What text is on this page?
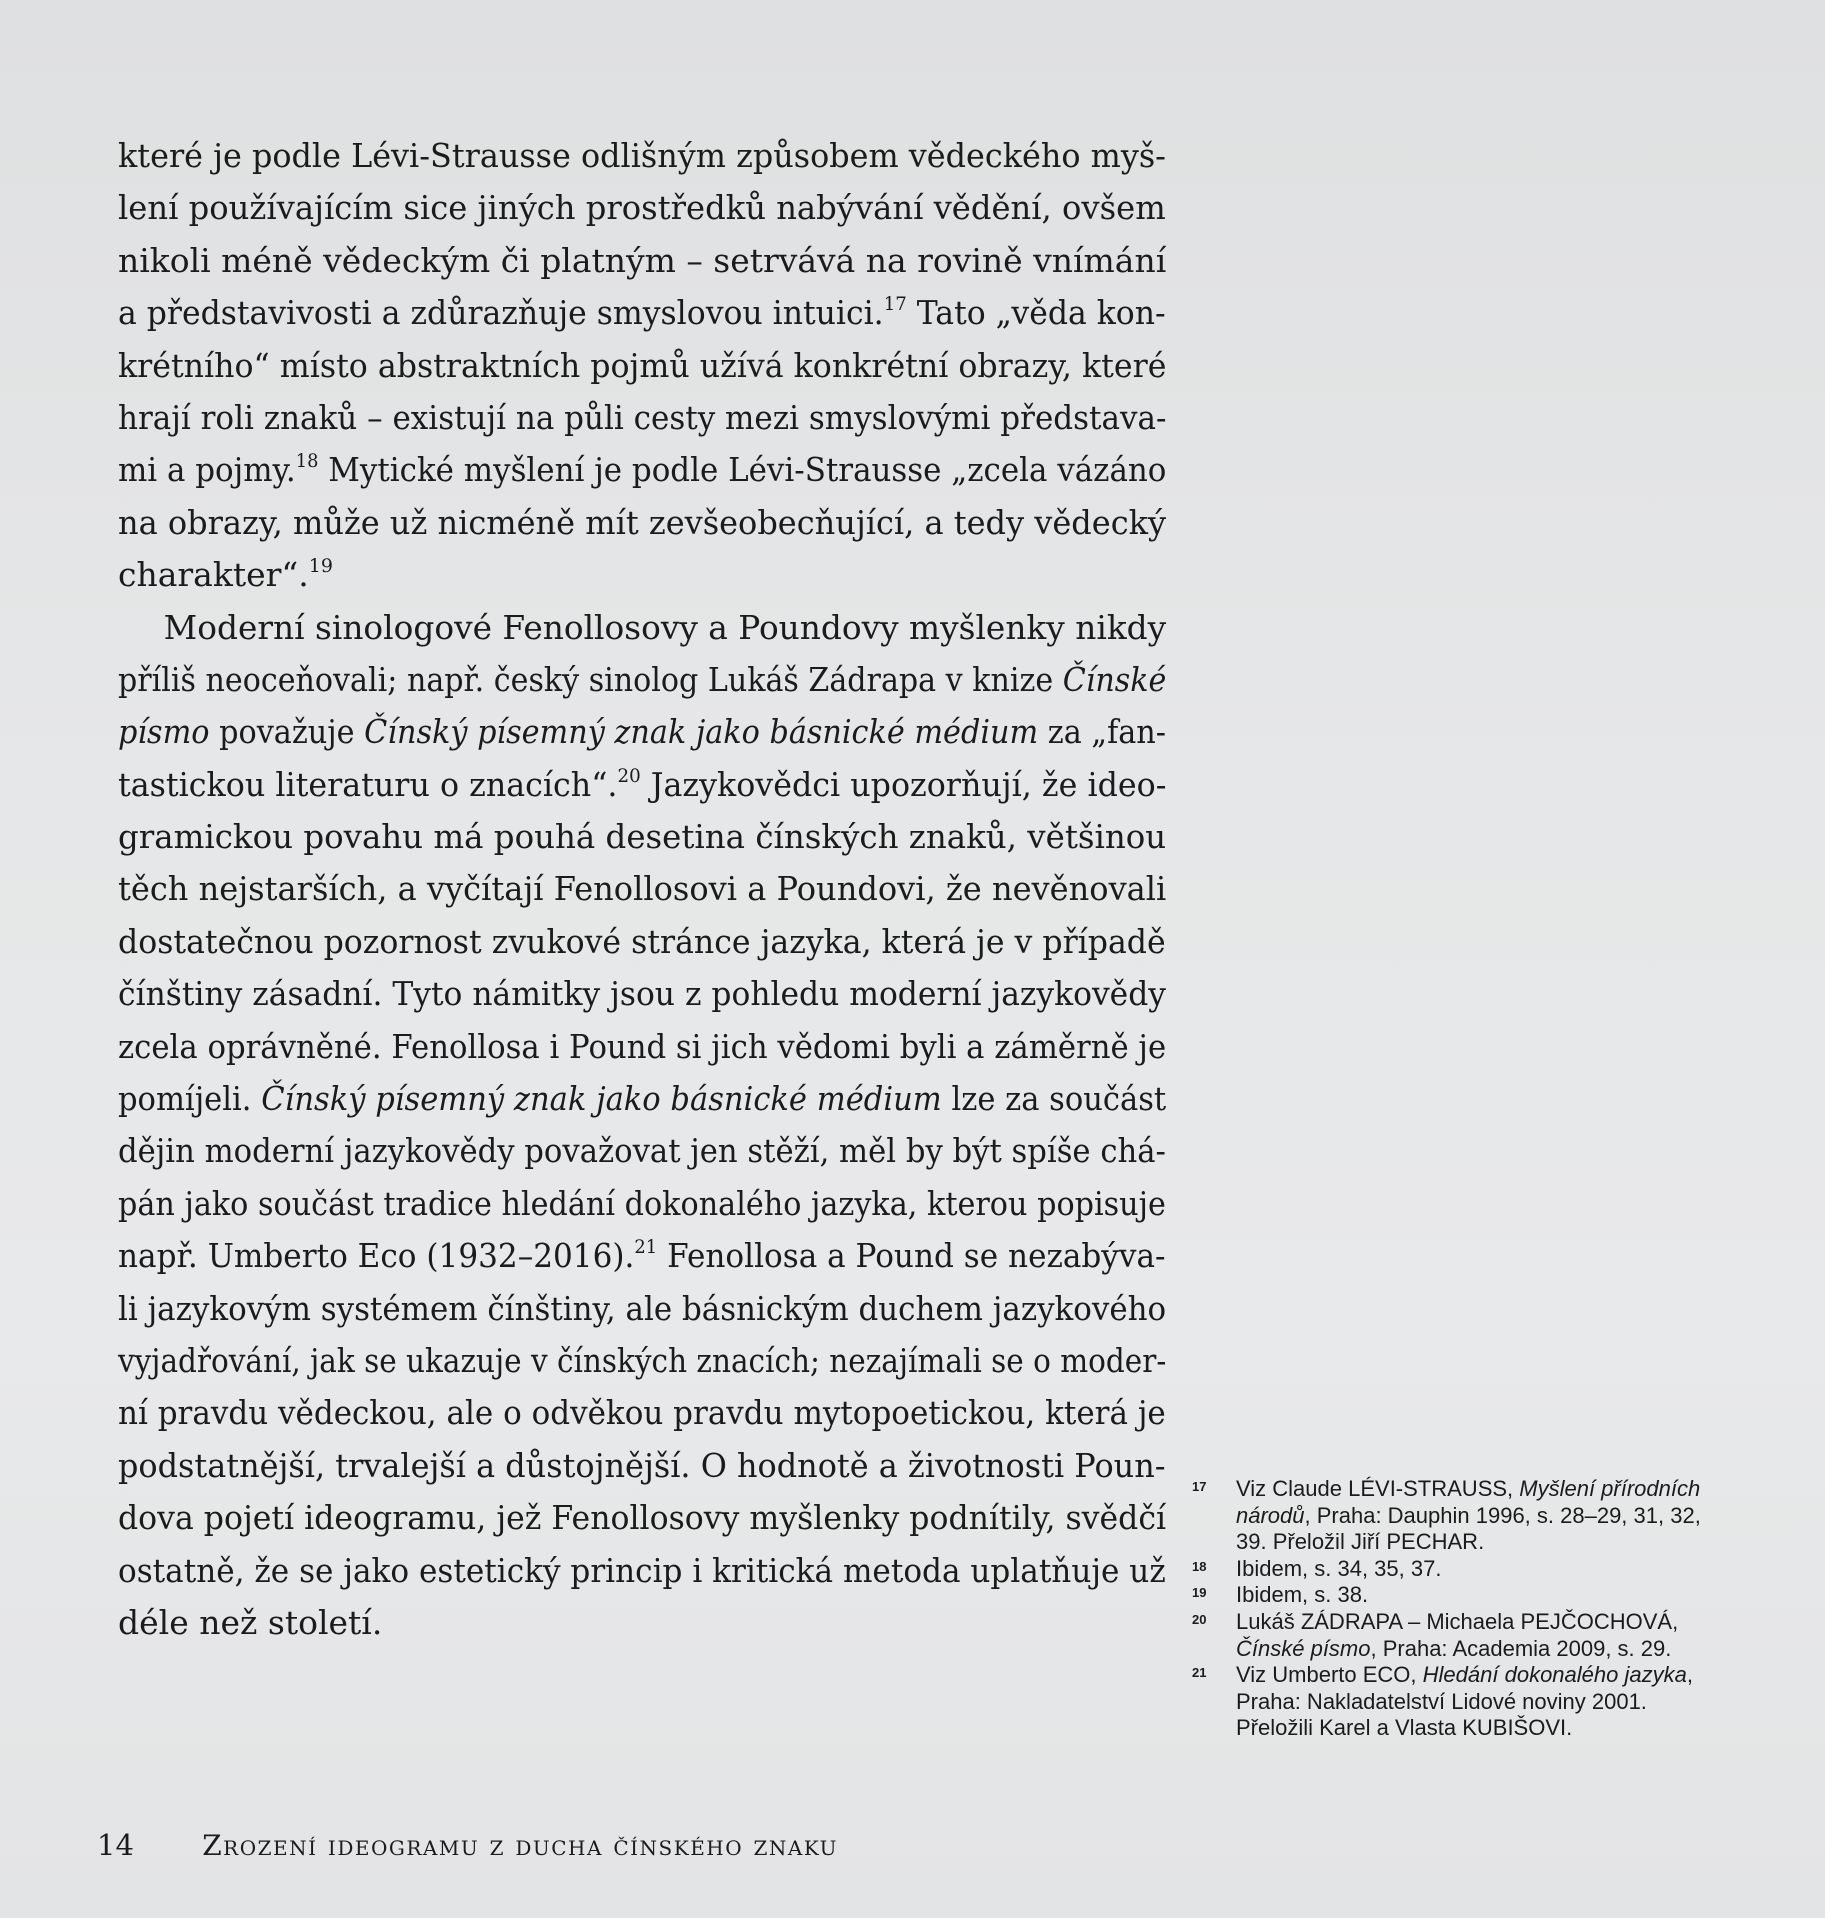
které je podle Lévi-Strausse odlišným způsobem vědeckého myš-
lení používajícím sice jiných prostředků nabývání vědění, ovšem
nikoli méně vědeckým či platným – setrvává na rovině vnímání
a představivosti a zdůrazňuje smyslovou intuici.$^{17}$ Tato „věda kon-
krétního“ místo abstraktních pojmů užívá konkrétní obrazy, které
hrají roli znaků – existují na půli cesty mezi smyslovými představa-
mi a pojmy.$^{18}$ Mytické myšlení je podle Lévi-Strausse „zcela vázáno
na obrazy, může už nicméně mít zevšeobecňující, a tedy vědecký
charakter“.$^{19}$
Moderní sinologové Fenollosovy a Poundovy myšlenky nikdy
příliš neoceňovali; např. český sinolog Lukáš Zádrapa v knize Čínské
písmo považuje Čínský písemný znak jako básnické médium za „fan-
tastickou literaturu o znacích“.$^{20}$ Jazykovědci upozorňují, že ideo-
gramickou povahu má pouhá desetina čínských znaků, většinou
těch nejstarších, a vyčítají Fenollosovi a Poundovi, že nevěnovali
dostatečnou pozornost zvukové stránce jazyka, která je v případě
čínštiny zásadní. Tyto námitky jsou z pohledu moderní jazykovědy
zcela oprávněné. Fenollosa i Pound si jich vědomi byli a záměrně je
pomíjeli. Čínský písemný znak jako básnické médium lze za součást
dějin moderní jazykovědy považovat jen stěží, měl by být spíše chá-
pán jako součást tradice hledání dokonalého jazyka, kterou popisuje
např. Umberto Eco (1932–2016).$^{21}$ Fenollosa a Pound se nezabýva-
li jazykovým systémem čínštiny, ale básnickým duchem jazykového
vyjadřování, jak se ukazuje v čínských znacích; nezajímali se o moder-
ní pravdu vědeckou, ale o odvěkou pravdu mytopoetickou, která je
podstatnější, trvalejší a důstojnější. O hodnotě a životnosti Poun-
dova pojetí ideogramu, jež Fenollosovy myšlenky podnítily, svědčí
ostatně, že se jako estetický princip i kritická metoda uplatňuje už
déle než století.
17 Viz Claude LÉVI-STRAUSS, Myšlení přírodních
národů, Praha: Dauphin 1996, s. 28–29, 31, 32,
39. Přeložil Jiří PECHAR.
18 Ibidem, s. 34, 35, 37.
19 Ibidem, s. 38.
20 Lukáš ZÁDRAPA – Michaela PEJČOCHOVÁ,
Čínské písmo, Praha: Academia 2009, s. 29.
21 Viz Umberto ECO, Hledání dokonalého jazyka,
Praha: Nakladatelství Lidové noviny 2001.
Přeložili Karel a Vlasta KUBIŠOVI.
14 Zrození ideogramu z ducha čínského znaku
